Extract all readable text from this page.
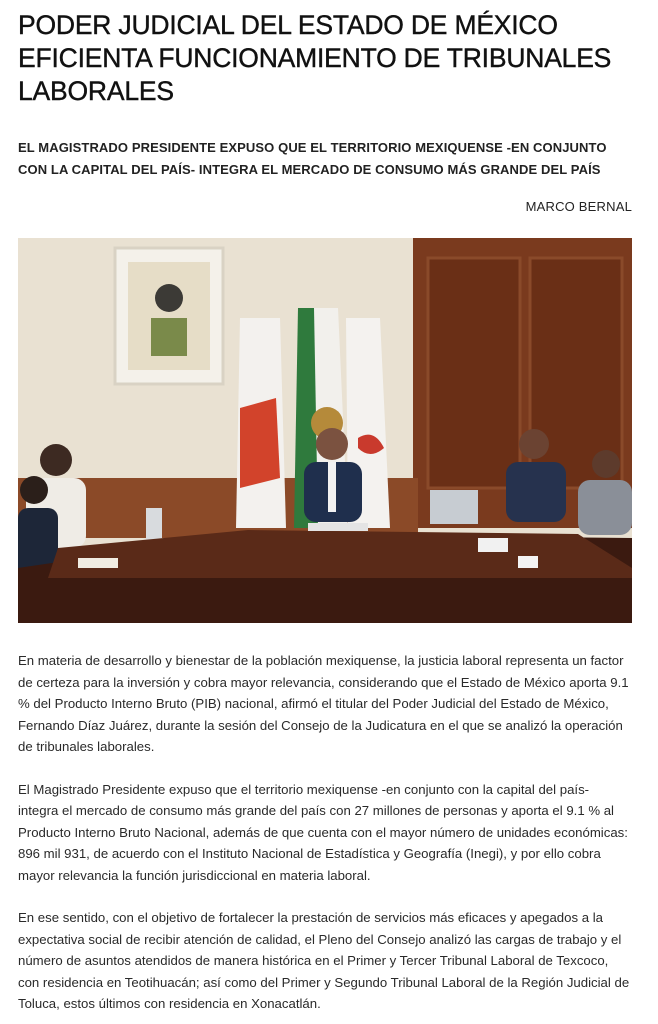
PODER JUDICIAL DEL ESTADO DE MÉXICO EFICIENTA FUNCIONAMIENTO DE TRIBUNALES LABORALES
EL MAGISTRADO PRESIDENTE EXPUSO QUE EL TERRITORIO MEXIQUENSE -EN CONJUNTO CON LA CAPITAL DEL PAÍS- INTEGRA EL MERCADO DE CONSUMO MÁS GRANDE DEL PAÍS
MARCO BERNAL

En materia de desarrollo y bienestar de la población mexiquense, la justicia laboral representa un factor de certeza para la inversión y cobra mayor relevancia, considerando que el Estado de México aporta 9.1 % del Producto Interno Bruto (PIB) nacional, afirmó el titular del Poder Judicial del Estado de México, Fernando Díaz Juárez, durante la sesión del Consejo de la Judicatura en el que se analizó la operación de tribunales laborales.

El Magistrado Presidente expuso que el territorio mexiquense -en conjunto con la capital del país- integra el mercado de consumo más grande del país con 27 millones de personas y aporta el 9.1 % al Producto Interno Bruto Nacional, además de que cuenta con el mayor número de unidades económicas: 896 mil 931, de acuerdo con el Instituto Nacional de Estadística y Geografía (Inegi), y por ello cobra mayor relevancia la función jurisdiccional en materia laboral.

En ese sentido, con el objetivo de fortalecer la prestación de servicios más eficaces y apegados a la expectativa social de recibir atención de calidad, el Pleno del Consejo analizó las cargas de trabajo y el número de asuntos atendidos de manera histórica en el Primer y Tercer Tribunal Laboral de Texcoco, con residencia en Teotihuacán; así como del Primer y Segundo Tribunal Laboral de la Región Judicial de Toluca, estos últimos con residencia en Xonacatlán.
